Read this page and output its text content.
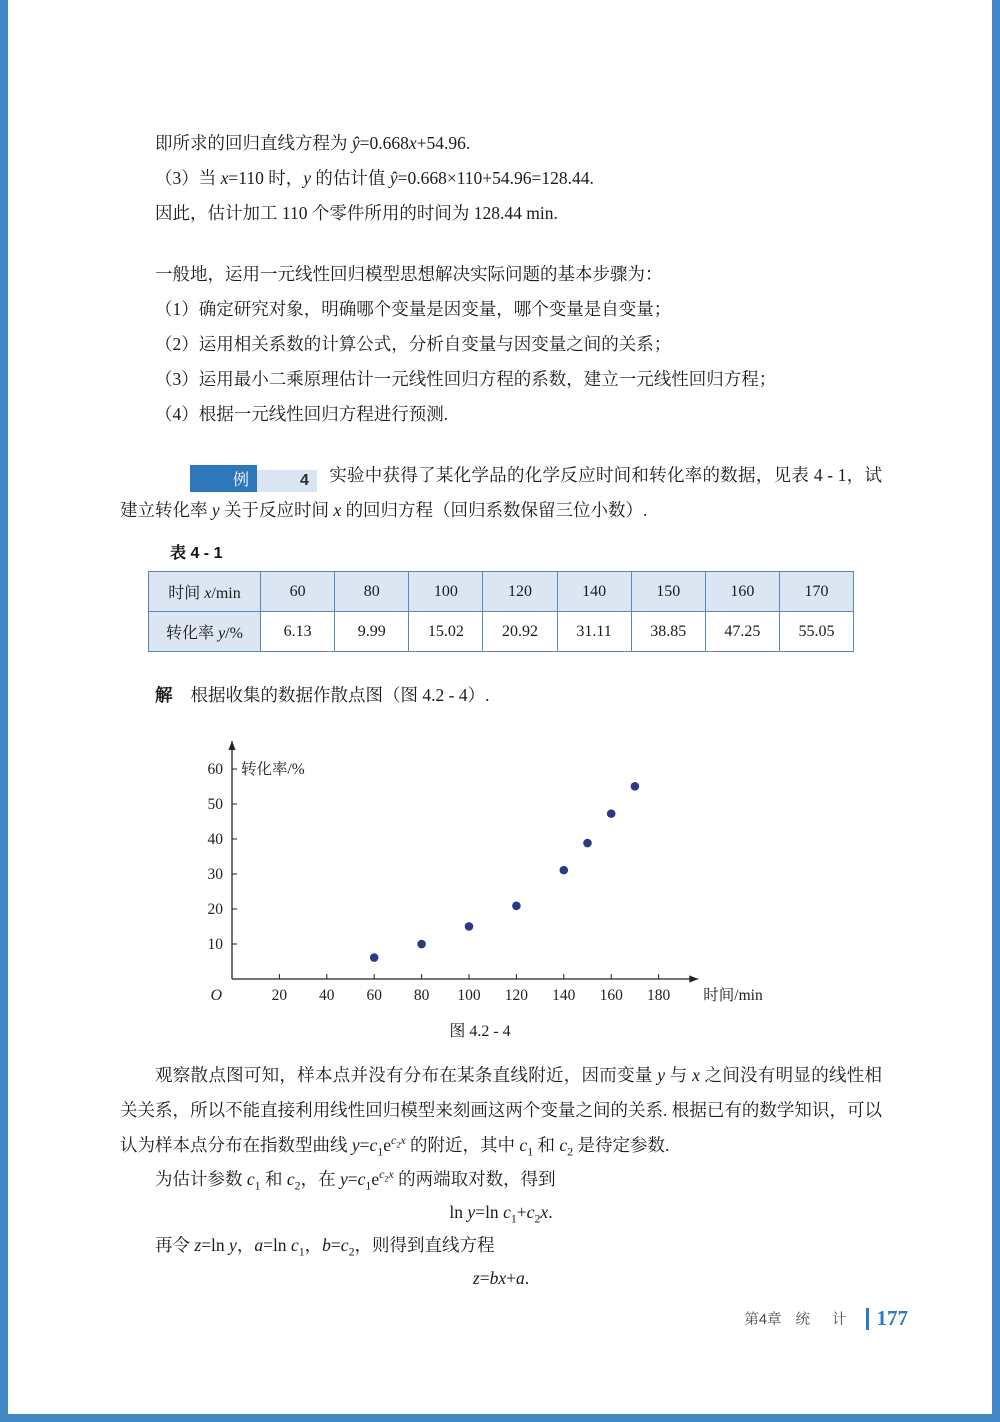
即所求的回归直线方程为 ŷ=0.668x+54.96.

（3）当 x=110 时，y 的估计值 ŷ=0.668×110+54.96=128.44.

因此，估计加工 110 个零件所用的时间为 128.44 min.

一般地，运用一元线性回归模型思想解决实际问题的基本步骤为：

（1）确定研究对象，明确哪个变量是因变量，哪个变量是自变量；

（2）运用相关系数的计算公式，分析自变量与因变量之间的关系；

（3）运用最小二乘原理估计一元线性回归方程的系数，建立一元线性回归方程；

（4）根据一元线性回归方程进行预测.

例	4 实验中获得了某化学品的化学反应时间和转化率的数据，见表 4 - 1，试建立转化率 y 关于反应时间 x 的回归方程（回归系数保留三位小数）.

表 4 - 1
时间 x/min	60	80	100	120	140	150	160	170
转化率 y/%	6.13	9.99	15.02	20.92	31.11	38.85	47.25	55.05

解 根据收集的数据作散点图（图 4.2 - 4）.

20 40 60 80 100 120 140 160 180
10
20
30
40
50
60
O
转化率/%
时间/min
图 4.2 - 4

观察散点图可知，样本点并没有分布在某条直线附近，因而变量 y 与 x 之间没有明显的线性相关关系，所以不能直接利用线性回归模型来刻画这两个变量之间的关系. 根据已有的数学知识，可以认为样本点分布在指数型曲线 $y=c_1e^{c_2x}$ 的附近，其中 $c_1$ 和 $c_2$ 是待定参数.

为估计参数 $c_1$ 和 $c_2$，在 $y=c_1e^{c_2x}$ 的两端取对数，得到

ln y=ln $c_1+c_2x$.

再令 z=ln y，a=ln $c_1$，$b=c_2$，则得到直线方程

z=bx+a.

第4章 统 计 177
